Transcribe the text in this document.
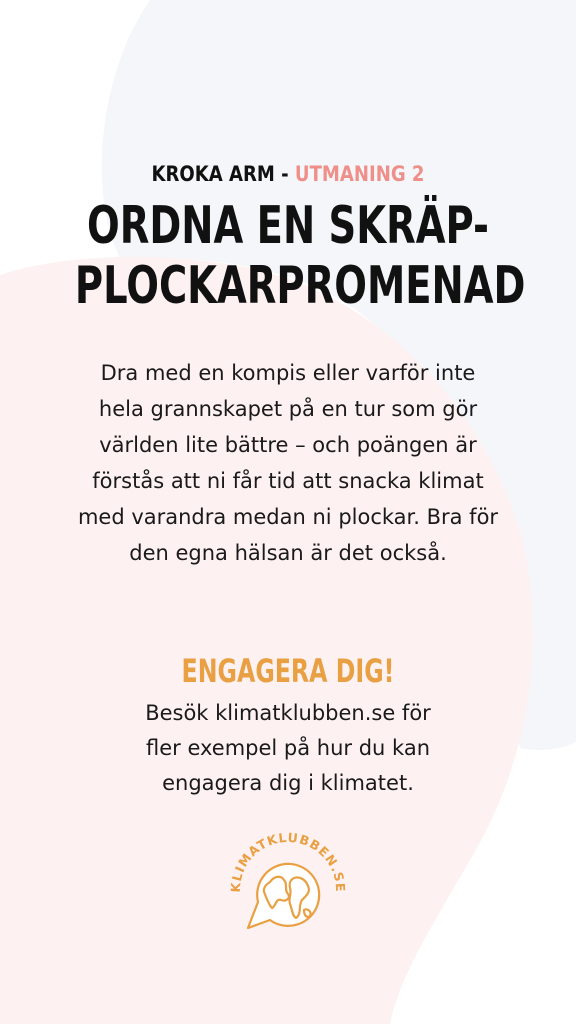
KROKA ARM - UTMANING 2
ORDNA EN SKRÄP-
PLOCKARPROMENAD
Dra med en kompis eller varför inte
hela grannskapet på en tur som gör
världen lite bättre – och poängen är
förstås att ni får tid att snacka klimat
med varandra medan ni plockar. Bra för
den egna hälsan är det också.
ENGAGERA DIG!
Besök klimatklubben.se för
fler exempel på hur du kan
engagera dig i klimatet.
KLIMATKLUBBEN.SE
